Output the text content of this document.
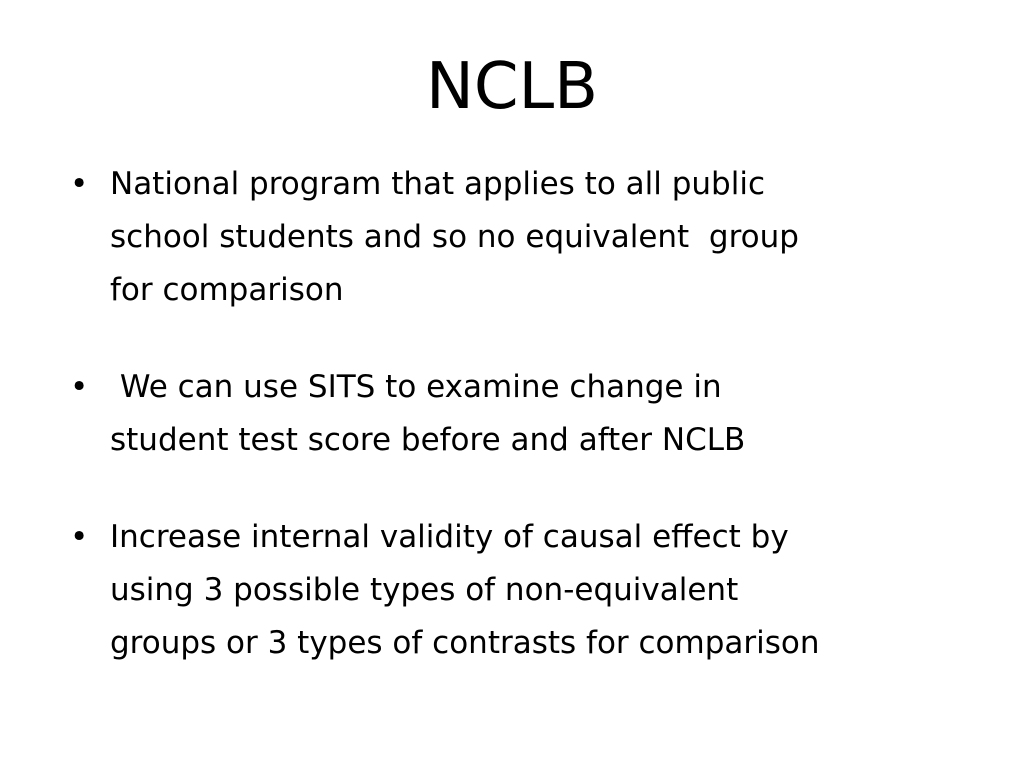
NCLB
• National program that applies to all public
school students and so no equivalent  group
for comparison
• We can use SITS to examine change in
student test score before and after NCLB
• Increase internal validity of causal effect by
using 3 possible types of non-equivalent
groups or 3 types of contrasts for comparison
